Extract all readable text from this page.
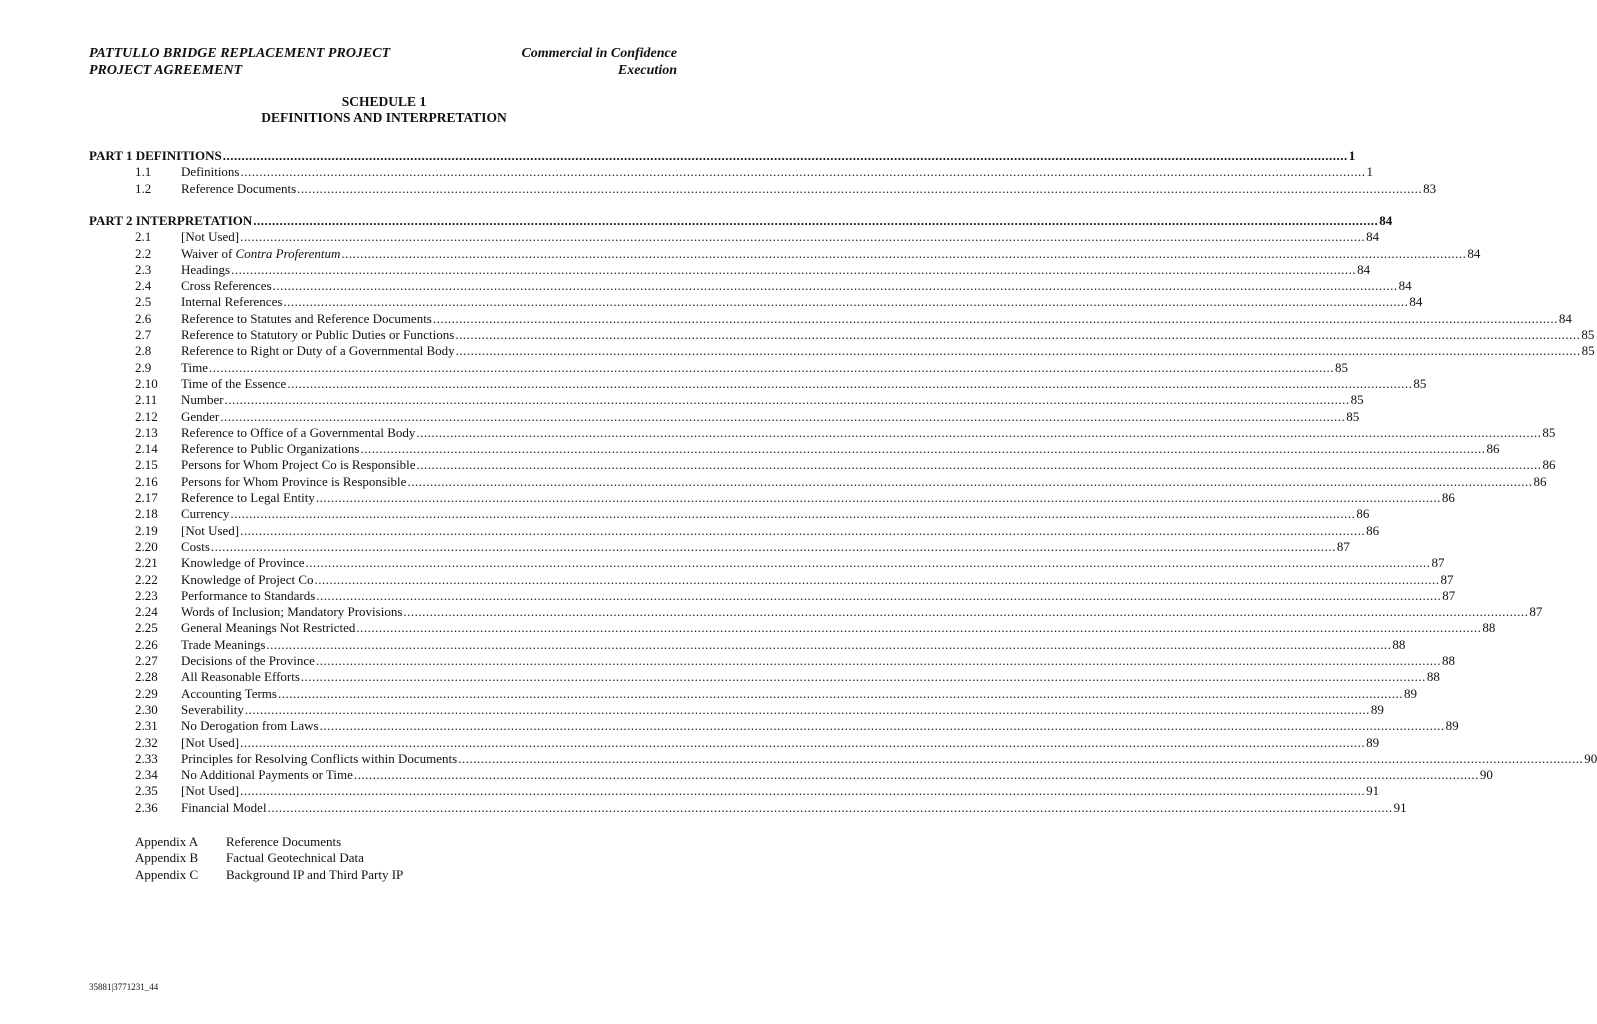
PATTULLO BRIDGE REPLACEMENT PROJECT
PROJECT AGREEMENT
Commercial in Confidence
Execution
SCHEDULE 1
DEFINITIONS AND INTERPRETATION
PART 1 DEFINITIONS ............................................................................................................................................................................................................................................................................................................ 1
1.1 Definitions ............................................................................................................................................................................................................................................................................................................ 1
1.2 Reference Documents ............................................................................................................................................................................................................................................................................................................ 83
PART 2 INTERPRETATION ............................................................................................................................................................................................................................................................................................................ 84
2.1 [Not Used] ............................................................................................................................................................................................................................................................................................................ 84
2.2 Waiver of Contra Proferentum ............................................................................................................................................................................................................................................................................................................ 84
2.3 Headings ............................................................................................................................................................................................................................................................................................................ 84
2.4 Cross References ............................................................................................................................................................................................................................................................................................................ 84
2.5 Internal References ............................................................................................................................................................................................................................................................................................................ 84
2.6 Reference to Statutes and Reference Documents ............................................................................................................................................................................................................................................................................................................ 84
2.7 Reference to Statutory or Public Duties or Functions ............................................................................................................................................................................................................................................................................................................ 85
2.8 Reference to Right or Duty of a Governmental Body ............................................................................................................................................................................................................................................................................................................ 85
2.9 Time ............................................................................................................................................................................................................................................................................................................ 85
2.10 Time of the Essence ............................................................................................................................................................................................................................................................................................................ 85
2.11 Number ............................................................................................................................................................................................................................................................................................................ 85
2.12 Gender ............................................................................................................................................................................................................................................................................................................ 85
2.13 Reference to Office of a Governmental Body ............................................................................................................................................................................................................................................................................................................ 85
2.14 Reference to Public Organizations ............................................................................................................................................................................................................................................................................................................ 86
2.15 Persons for Whom Project Co is Responsible ............................................................................................................................................................................................................................................................................................................ 86
2.16 Persons for Whom Province is Responsible ............................................................................................................................................................................................................................................................................................................ 86
2.17 Reference to Legal Entity ............................................................................................................................................................................................................................................................................................................ 86
2.18 Currency ............................................................................................................................................................................................................................................................................................................ 86
2.19 [Not Used] ............................................................................................................................................................................................................................................................................................................ 86
2.20 Costs ............................................................................................................................................................................................................................................................................................................ 87
2.21 Knowledge of Province ............................................................................................................................................................................................................................................................................................................ 87
2.22 Knowledge of Project Co ............................................................................................................................................................................................................................................................................................................ 87
2.23 Performance to Standards ............................................................................................................................................................................................................................................................................................................ 87
2.24 Words of Inclusion; Mandatory Provisions ............................................................................................................................................................................................................................................................................................................ 87
2.25 General Meanings Not Restricted ............................................................................................................................................................................................................................................................................................................ 88
2.26 Trade Meanings ............................................................................................................................................................................................................................................................................................................ 88
2.27 Decisions of the Province ............................................................................................................................................................................................................................................................................................................ 88
2.28 All Reasonable Efforts ............................................................................................................................................................................................................................................................................................................ 88
2.29 Accounting Terms ............................................................................................................................................................................................................................................................................................................ 89
2.30 Severability ............................................................................................................................................................................................................................................................................................................ 89
2.31 No Derogation from Laws ............................................................................................................................................................................................................................................................................................................ 89
2.32 [Not Used] ............................................................................................................................................................................................................................................................................................................ 89
2.33 Principles for Resolving Conflicts within Documents ............................................................................................................................................................................................................................................................................................................ 90
2.34 No Additional Payments or Time ............................................................................................................................................................................................................................................................................................................ 90
2.35 [Not Used] ............................................................................................................................................................................................................................................................................................................ 91
2.36 Financial Model ............................................................................................................................................................................................................................................................................................................ 91
Appendix A Reference Documents
Appendix B Factual Geotechnical Data
Appendix C Background IP and Third Party IP
35881|3771231_44
